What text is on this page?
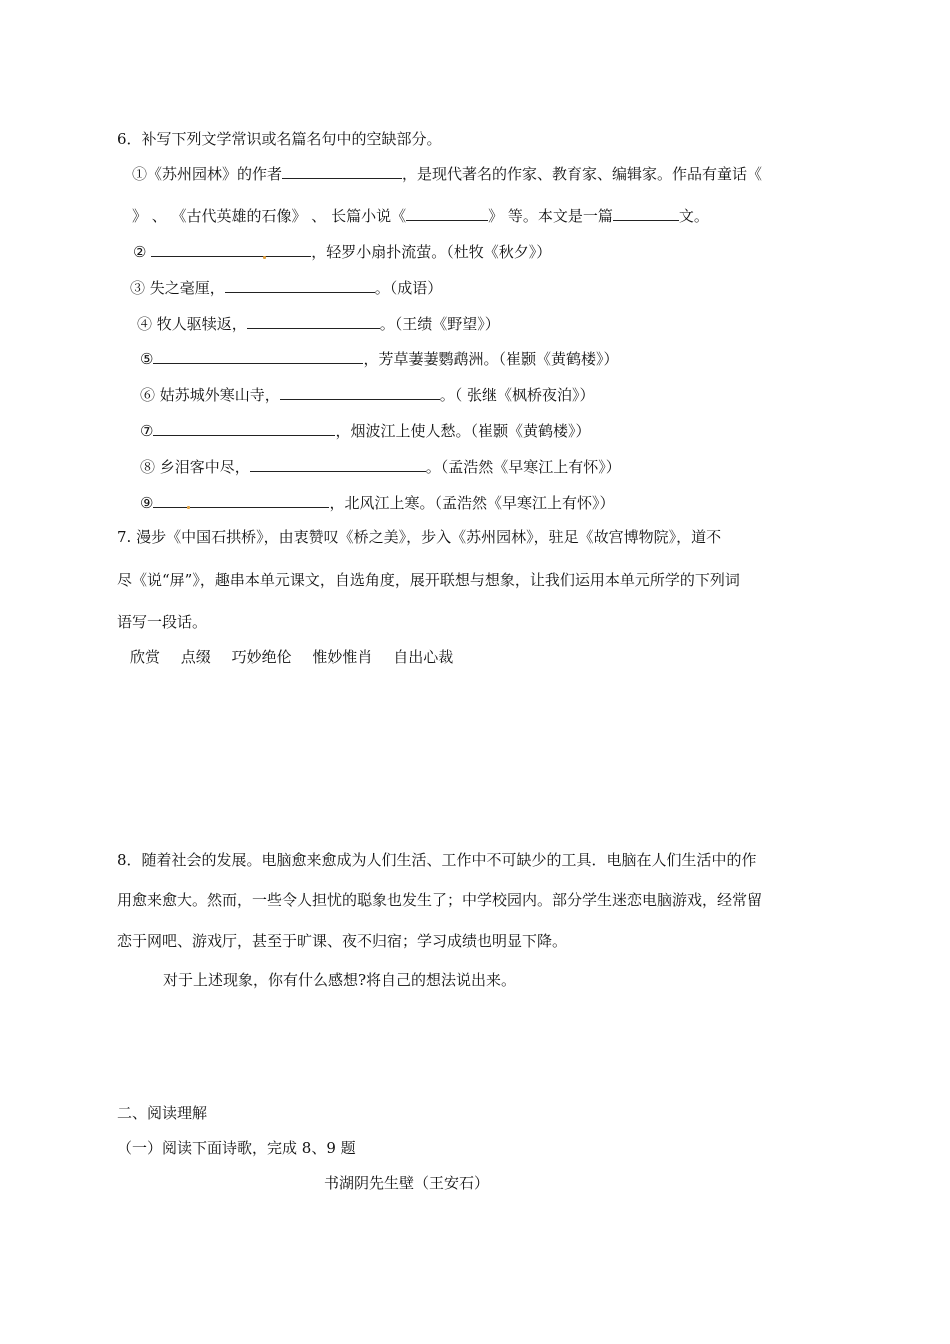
6．补写下列文学常识或名篇名句中的空缺部分。
①《苏州园林》的作者	，是现代著名的作家、教育家、编辑家。作品有童话《
》 、 《古代英雄的石像》 、 长篇小说《	》 等。本文是一篇	文。
②	，轻罗小扇扑流萤。（杜牧《秋夕》）
③ 失之毫厘，	。（成语）
④ 牧人驱犊返，	。（王绩《野望》）
⑤	，芳草萋萋鹦鹉洲。（崔颢《黄鹤楼》）
⑥ 姑苏城外寒山寺，	。（ 张继《枫桥夜泊》）
⑦	，烟波江上使人愁。（崔颢《黄鹤楼》）
⑧ 乡泪客中尽，	。（孟浩然《早寒江上有怀》）
⑨	，北风江上寒。（孟浩然《早寒江上有怀》）
7. 漫步《中国石拱桥》，由衷赞叹《桥之美》，步入《苏州园林》，驻足《故宫博物院》，道不
尽《说“屏”》，趣串本单元课文，自选角度，展开联想与想象，让我们运用本单元所学的下列词
语写一段话。
欣赏 点缀 巧妙绝伦 惟妙惟肖 自出心裁
8．随着社会的发展。电脑愈来愈成为人们生活、工作中不可缺少的工具．电脑在人们生活中的作
用愈来愈大。然而，一些令人担忧的聪象也发生了；中学校园内。部分学生迷恋电脑游戏，经常留
恋于网吧、游戏厅，甚至于旷课、夜不归宿；学习成绩也明显下降。
对于上述现象，你有什么感想?将自己的想法说出来。
二、阅读理解
（一）阅读下面诗歌，完成 8、9 题
书湖阴先生壁（王安石）
